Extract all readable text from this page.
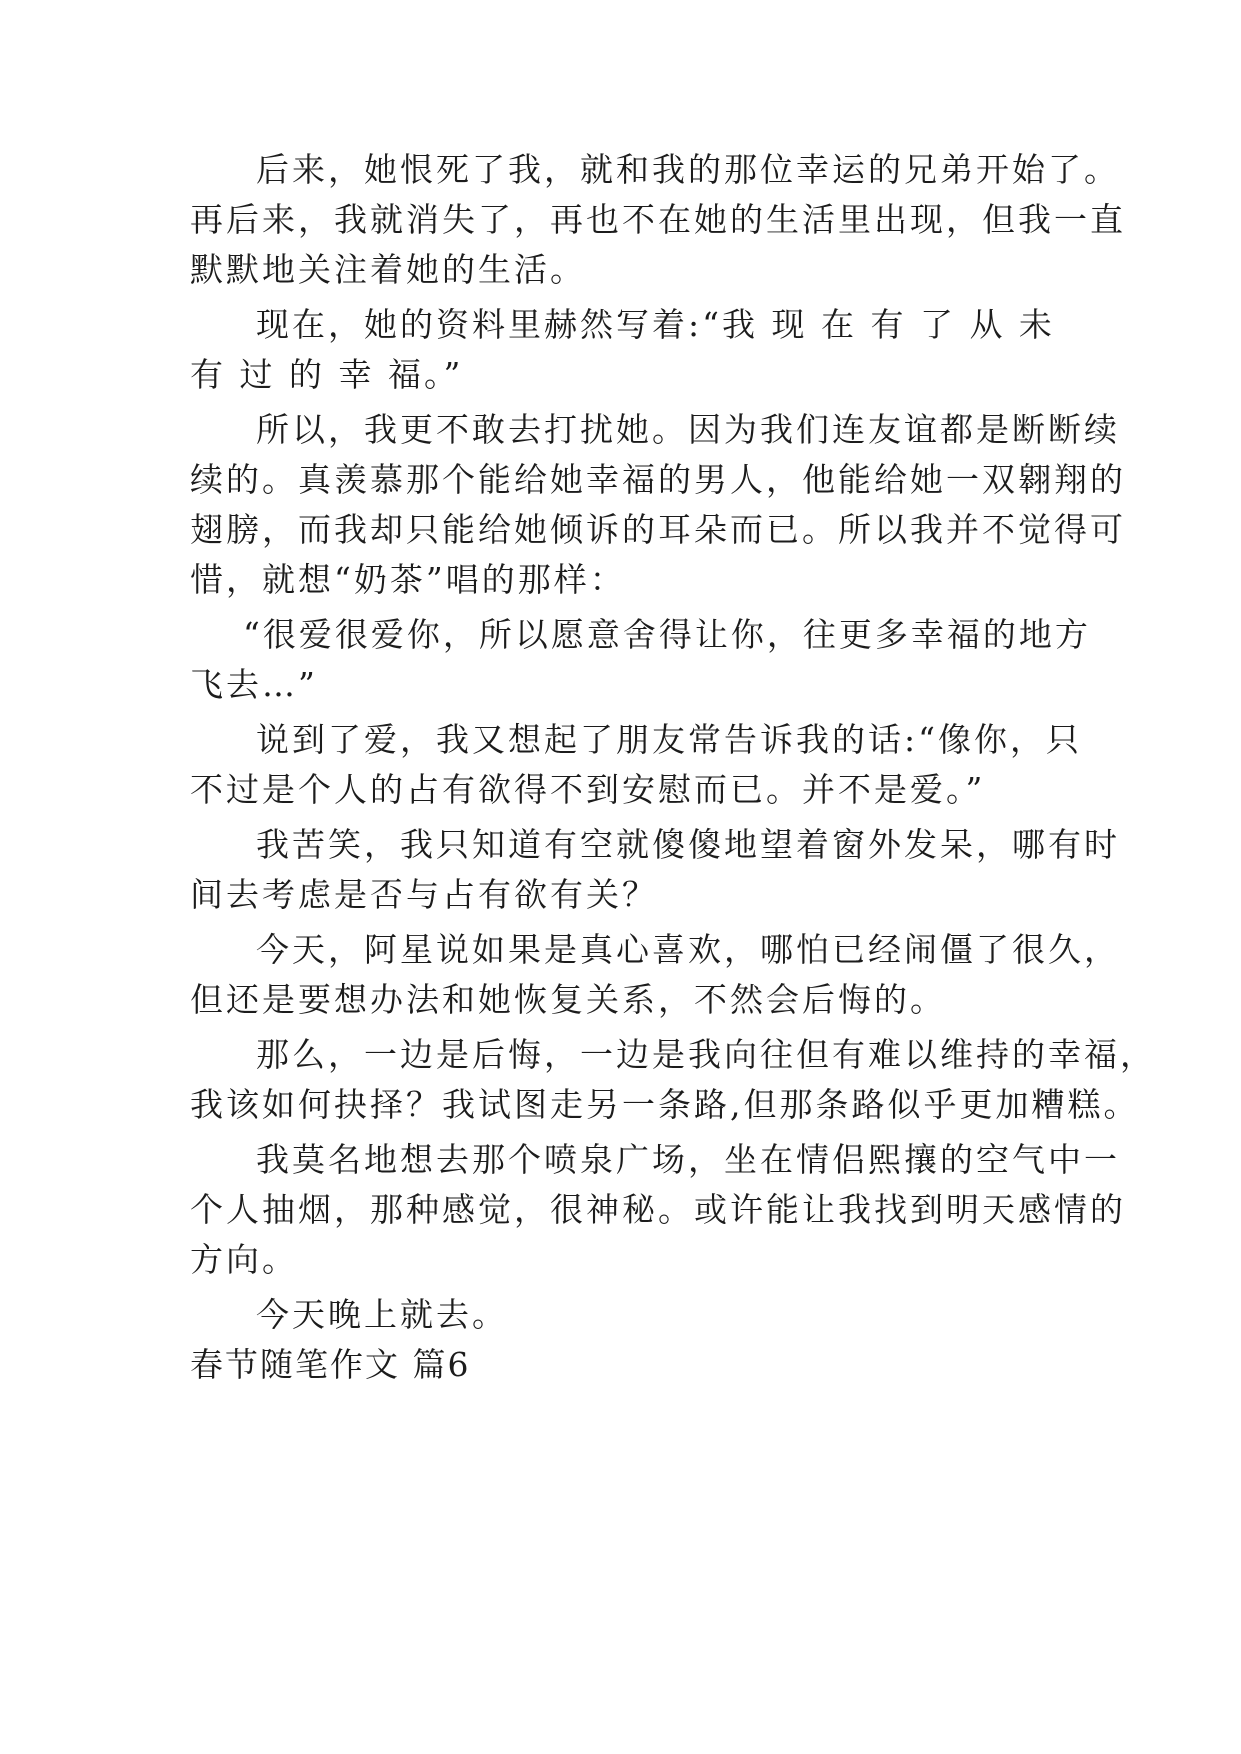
后来，她恨死了我，就和我的那位幸运的兄弟开始了。
再后来，我就消失了，再也不在她的生活里出现，但我一直
默默地关注着她的生活。
现在，她的资料里赫然写着:“我 现 在 有 了 从 未
有 过 的 幸 福。”
所以，我更不敢去打扰她。因为我们连友谊都是断断续
续的。真羡慕那个能给她幸福的男人，他能给她一双翱翔的
翅膀，而我却只能给她倾诉的耳朵而已。所以我并不觉得可
惜，就想“奶茶”唱的那样：
“很爱很爱你，所以愿意舍得让你，往更多幸福的地方
飞去…”
说到了爱，我又想起了朋友常告诉我的话:“像你，只
不过是个人的占有欲得不到安慰而已。并不是爱。”
我苦笑，我只知道有空就傻傻地望着窗外发呆，哪有时
间去考虑是否与占有欲有关？
今天，阿星说如果是真心喜欢，哪怕已经闹僵了很久，
但还是要想办法和她恢复关系，不然会后悔的。
那么，一边是后悔，一边是我向往但有难以维持的幸福，
我该如何抉择？我试图走另一条路,但那条路似乎更加糟糕。
我莫名地想去那个喷泉广场，坐在情侣熙攘的空气中一
个人抽烟，那种感觉，很神秘。或许能让我找到明天感情的
方向。
今天晚上就去。
春节随笔作文 篇6
